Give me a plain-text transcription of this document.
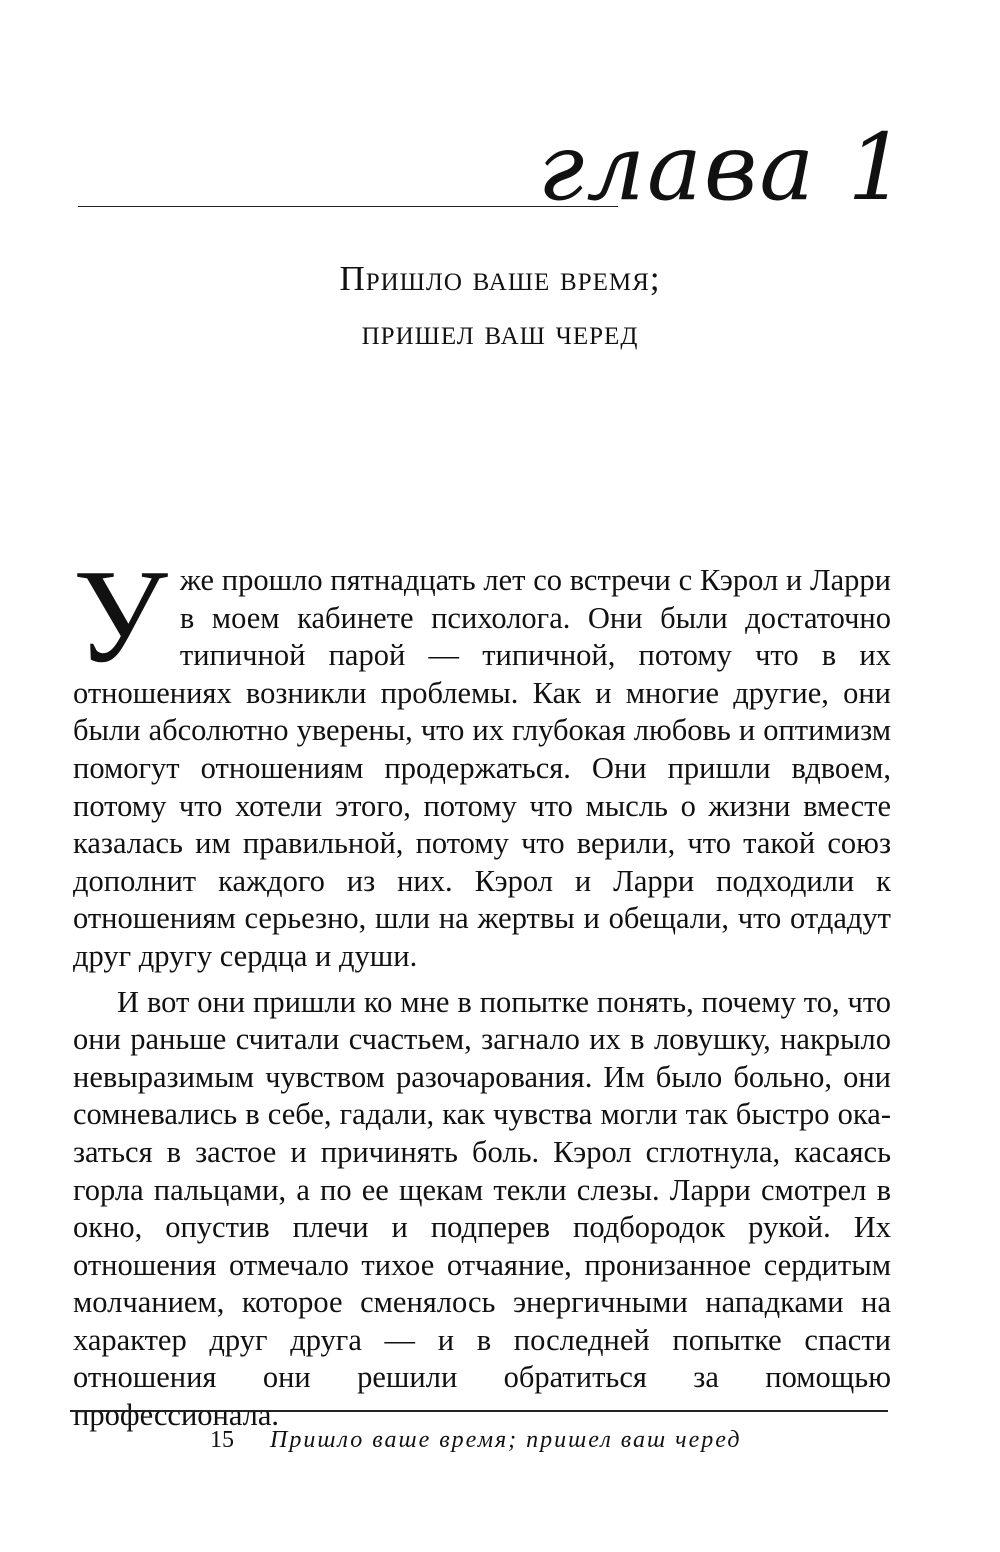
глава 1
Пришло ваше время;
пришел ваш черед

Уже прошло пятнадцать лет со встречи с Кэрол и Ларри в моем кабинете психолога. Они были достаточно типичной парой — типичной, потому что в их отношениях возникли проблемы. Как и многие другие, они были абсолютно уверены, что их глубокая любовь и оптимизм помогут отношениям продержаться. Они пришли вдвоем, потому что хотели этого, потому что мысль о жизни вместе казалась им правильной, потому что верили, что такой союз дополнит каждого из них. Кэрол и Ларри подходили к отношениям серьезно, шли на жертвы и обещали, что отдадут друг другу сердца и души.

И вот они пришли ко мне в попытке понять, почему то, что они раньше считали счастьем, загнало их в ловушку, накрыло невыразимым чувством разочарования. Им было больно, они сомневались в себе, гадали, как чувства могли так быстро оказаться в застое и причинять боль. Кэрол сглотнула, касаясь горла пальцами, а по ее щекам текли слезы. Ларри смотрел в окно, опустив плечи и подперев подбородок рукой. Их отношения отмечало тихое отчаяние, пронизанное сердитым молчанием, которое сменялось энергичными нападками на характер друг друга — и в последней попытке спасти отношения они решили обратиться за помощью профессионала.

15 Пришло ваше время; пришел ваш черед
